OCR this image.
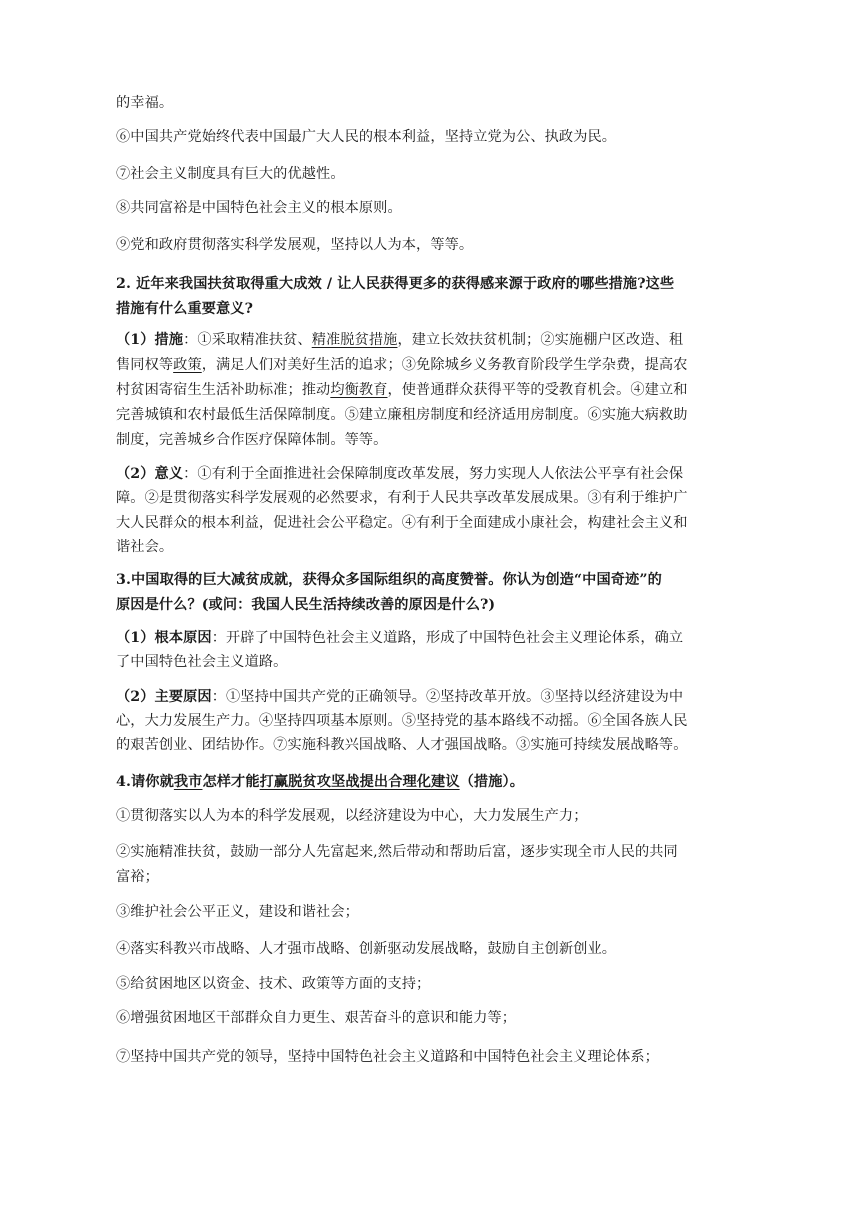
的幸福。
⑥中国共产党始终代表中国最广大人民的根本利益，坚持立党为公、执政为民。
⑦社会主义制度具有巨大的优越性。
⑧共同富裕是中国特色社会主义的根本原则。
⑨党和政府贯彻落实科学发展观，坚持以人为本，等等。
2. 近年来我国扶贫取得重大成效 / 让人民获得更多的获得感来源于政府的哪些措施?这些
措施有什么重要意义?
（1）措施：①采取精准扶贫、精准脱贫措施，建立长效扶贫机制；②实施棚户区改造、租
售同权等政策，满足人们对美好生活的追求；③免除城乡义务教育阶段学生学杂费，提高农
村贫困寄宿生生活补助标准；推动均衡教育，使普通群众获得平等的受教育机会。④建立和
完善城镇和农村最低生活保障制度。⑤建立廉租房制度和经济适用房制度。⑥实施大病救助
制度，完善城乡合作医疗保障体制。等等。
（2）意义：①有利于全面推进社会保障制度改革发展，努力实现人人依法公平享有社会保
障。②是贯彻落实科学发展观的必然要求，有利于人民共享改革发展成果。③有利于维护广
大人民群众的根本利益，促进社会公平稳定。④有利于全面建成小康社会，构建社会主义和
谐社会。
3.中国取得的巨大减贫成就，获得众多国际组织的高度赞誉。你认为创造“中国奇迹”的
原因是什么？(或问：我国人民生活持续改善的原因是什么?)
（1）根本原因：开辟了中国特色社会主义道路，形成了中国特色社会主义理论体系，确立
了中国特色社会主义道路。
（2）主要原因：①坚持中国共产党的正确领导。②坚持改革开放。③坚持以经济建设为中
心，大力发展生产力。④坚持四项基本原则。⑤坚持党的基本路线不动摇。⑥全国各族人民
的艰苦创业、团结协作。⑦实施科教兴国战略、人才强国战略。③实施可持续发展战略等。
4.请你就我市怎样才能打赢脱贫攻坚战提出合理化建议（措施）。
①贯彻落实以人为本的科学发展观，以经济建设为中心，大力发展生产力；
②实施精准扶贫，鼓励一部分人先富起来,然后带动和帮助后富，逐步实现全市人民的共同
富裕；
③维护社会公平正义，建设和谐社会；
④落实科教兴市战略、人才强市战略、创新驱动发展战略，鼓励自主创新创业。
⑤给贫困地区以资金、技术、政策等方面的支持；
⑥增强贫困地区干部群众自力更生、艰苦奋斗的意识和能力等；
⑦坚持中国共产党的领导，坚持中国特色社会主义道路和中国特色社会主义理论体系；
